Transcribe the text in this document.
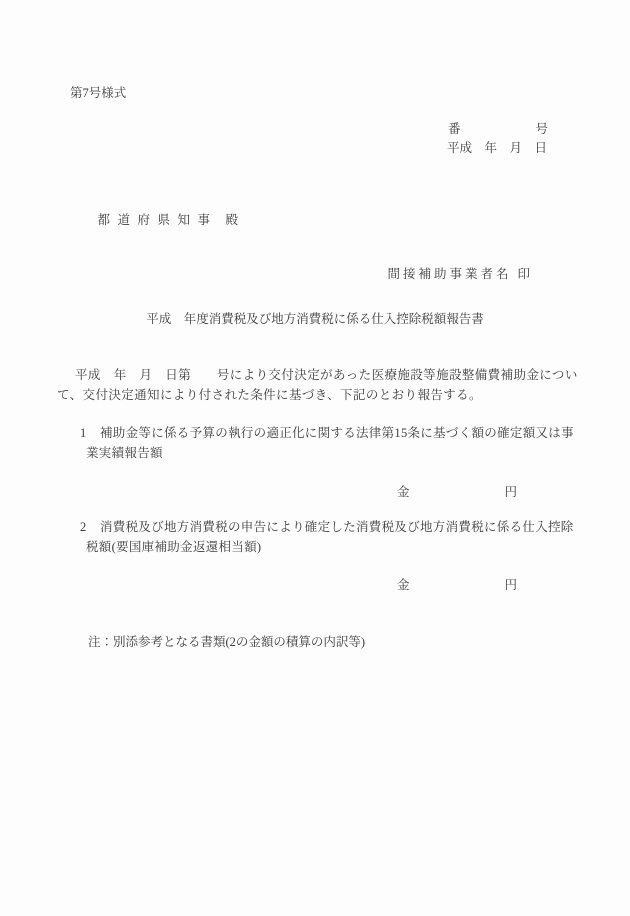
第7号様式
番	号
平成　年　月　日

都道府県知事 殿

間接補助事業者名 印

平成　年度消費税及び地方消費税に係る仕入控除税額報告書
平成　年　月　日第　　号により交付決定があった医療施設等施設整備費補助金につい
て、交付決定通知により付された条件に基づき、下記のとおり報告する。
1 補助金等に係る予算の執行の適正化に関する法律第15条に基づく額の確定額又は事
業実績報告額
金	円
2 消費税及び地方消費税の申告により確定した消費税及び地方消費税に係る仕入控除
税額(要国庫補助金返還相当額)
金	円
注：別添参考となる書類(2の金額の積算の内訳等)
